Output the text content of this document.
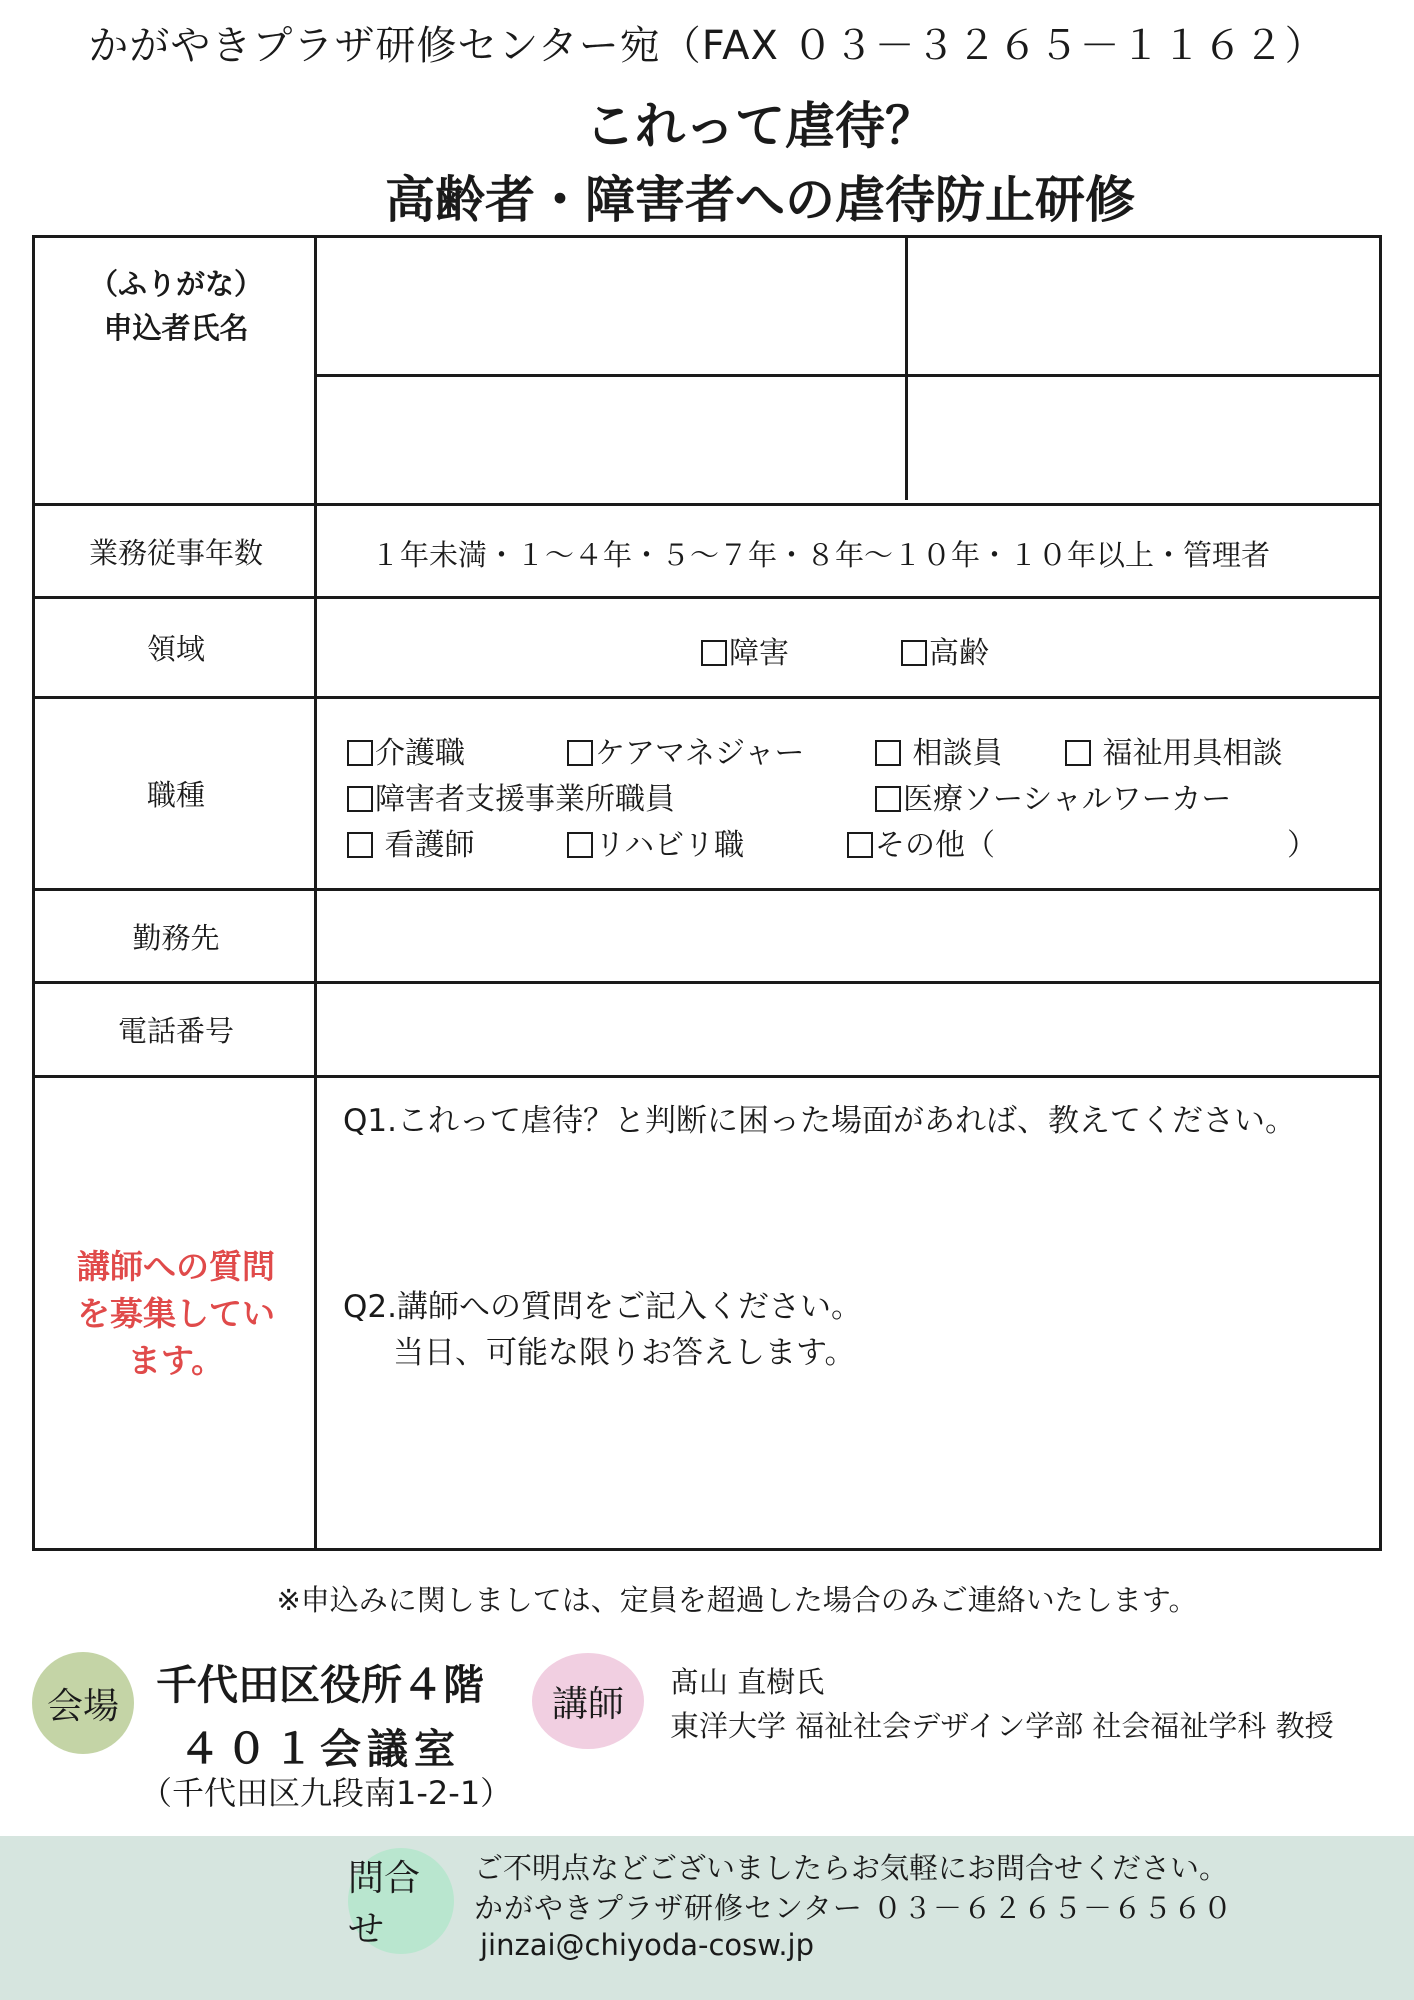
かがやきプラザ研修センター宛（FAX ０３－３２６５－１１６２）
これって虐待？
高齢者・障害者への虐待防止研修
（ふりがな）
申込者氏名
業務従事年数	１年未満・１～４年・５～７年・８年～１０年・１０年以上・管理者
領域	障害	高齢
職種
介護職	ケアマネジャー	相談員	福祉用具相談
障害者支援事業所職員	医療ソーシャルワーカー
看護師	リハビリ職	その他（	）
勤務先
電話番号
講師への質問を募集しています。
Q1.これって虐待？と判断に困った場面があれば、教えてください。
Q2.講師への質問をご記入ください。
当日、可能な限りお答えします。
※申込みに関しましては、定員を超過した場合のみご連絡いたします。
会場 千代田区役所４階
４０１会議室
（千代田区九段南1-2-1）
講師
髙山 直樹氏
東洋大学 福祉社会デザイン学部 社会福祉学科 教授
問合せ
ご不明点などございましたらお気軽にお問合せください。
かがやきプラザ研修センター ０３－６２６５－６５６０
jinzai@chiyoda-cosw.jp
